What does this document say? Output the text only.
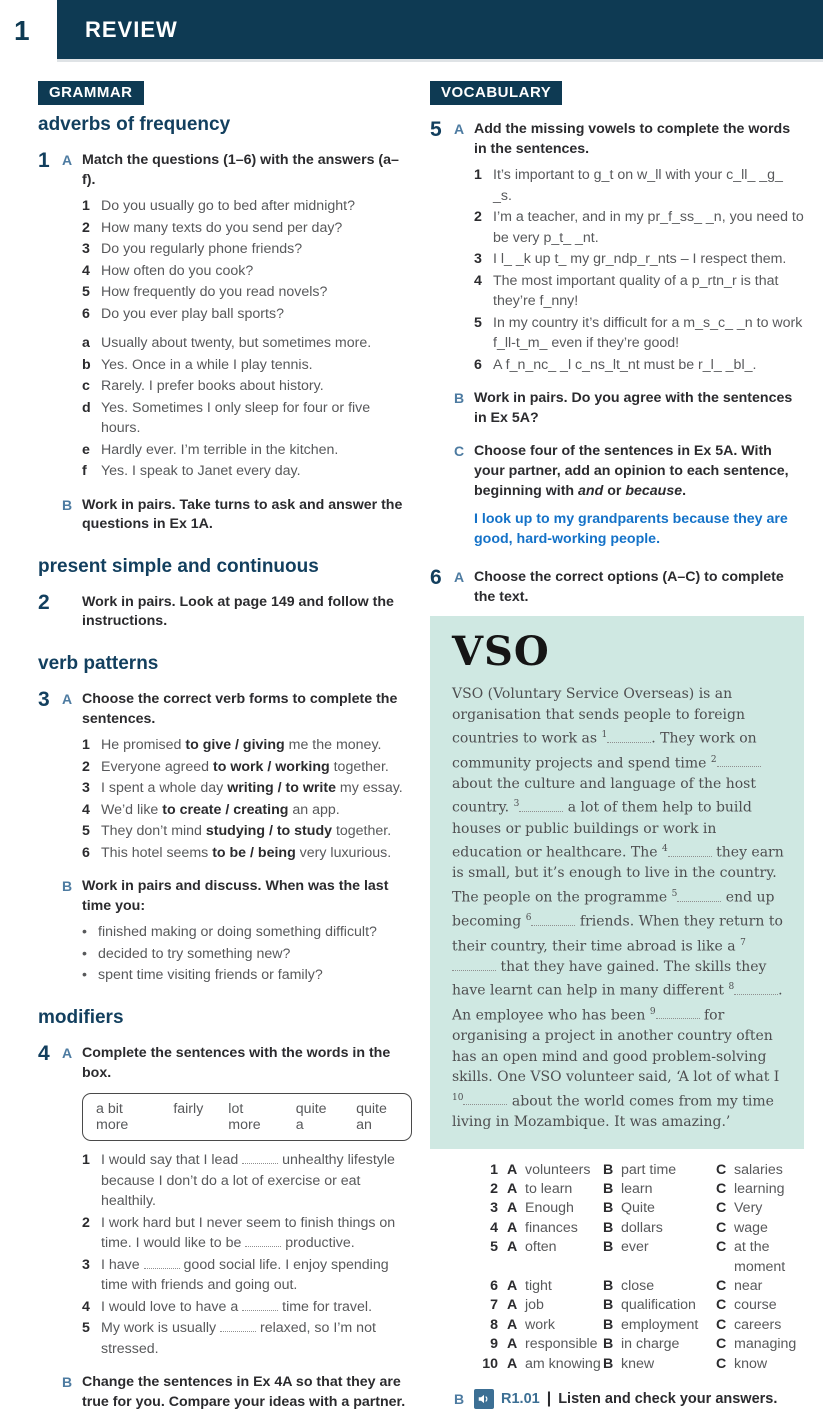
1	REVIEW
GRAMMAR
adverbs of frequency
1 A Match the questions (1–6) with the answers (a–f).
1 Do you usually go to bed after midnight?
2 How many texts do you send per day?
3 Do you regularly phone friends?
4 How often do you cook?
5 How frequently do you read novels?
6 Do you ever play ball sports?
a Usually about twenty, but sometimes more.
b Yes. Once in a while I play tennis.
c Rarely. I prefer books about history.
d Yes. Sometimes I only sleep for four or five hours.
e Hardly ever. I’m terrible in the kitchen.
f	Yes. I speak to Janet every day.
B Work in pairs. Take turns to ask and answer the questions in Ex 1A.
present simple and continuous
2	Work in pairs. Look at page 149 and follow the instructions.
verb patterns
3 A Choose the correct verb forms to complete the sentences.
1 He promised to give / giving me the money.
2 Everyone agreed to work / working together.
3 I spent a whole day writing / to write my essay.
4 We’d like to create / creating an app.
5 They don’t mind studying / to study together.
6 This hotel seems to be / being very luxurious.
B Work in pairs and discuss. When was the last time you:
• finished making or doing something difficult?
• decided to try something new?
• spent time visiting friends or family?
modifiers
4 A Complete the sentences with the words in the box.
a bit more
fairly lot more
quite a
quite an
1 I would say that I lead	unhealthy lifestyle because I don’t do a lot of exercise or eat healthily.
2 I work hard but I never seem to finish things on time. I would like to be	productive.
3 I have	good social life. I enjoy spending time with friends and going out.
4 I would love to have a	time for travel.
5 My work is usually	relaxed, so I’m not stressed.
B Change the sentences in Ex 4A so that they are true for you. Compare your ideas with a partner.
VOCABULARY
5 A Add the missing vowels to complete the words in the sentences.
1 It’s important to g_t on w_ll with your c_ll_ _g_ _s.
2 I’m a teacher, and in my pr_f_ss_ _n, you need to be very p_t_ _nt.
3 I l_ _k up t_ my gr_ndp_r_nts – I respect them.
4 The most important quality of a p_rtn_r is that they’re f_nny!
5 In my country it’s difficult for a m_s_c_ _n to work f_ll-t_m_ even if they’re good!
6 A f_n_nc_ _l c_ns_lt_nt must be r_l_ _bl_.
B Work in pairs. Do you agree with the sentences in Ex 5A?
C Choose four of the sentences in Ex 5A. With your partner, add an opinion to each sentence, beginning with and or because.
I look up to my grandparents because they are good, hard-working people.
6 A Choose the correct options (A–C) to complete the text.
VSO

VSO (Voluntary Service Overseas) is an organisation that sends people to foreign countries to work as $^1$	. They work on community projects and spend time $^2$ about the culture and language of the host country. $^3$	a lot of them help to build houses or public buildings or work in education or healthcare. The $^4$	they earn is small, but it’s enough to live in the country. The people on the programme $^5$	end up becoming $^6$	friends. When they return to their country, their time abroad is like a $^7$ that they have gained. The skills they have learnt can help in many different $^8$	. An employee who has been $^9$	for organising a project in another country often has an open mind and good problem-solving skills. One VSO volunteer said, ‘A lot of what I $^{10}$	about the world comes from my time living in Mozambique. It was amazing.’

1 A volunteers B part time	C salaries
2 A to learn B learn	C learning
3 A Enough B Quite	C Very
4 A finances B dollars	C wage
5 A often	B ever	C at the moment
6 A tight	B close	C near
7 A job	B qualification C course
8 A work	B employment C careers
9 A responsible B in charge	C managing
10 A am knowing B knew	C know
B	R1.01 | Listen and check your answers.
